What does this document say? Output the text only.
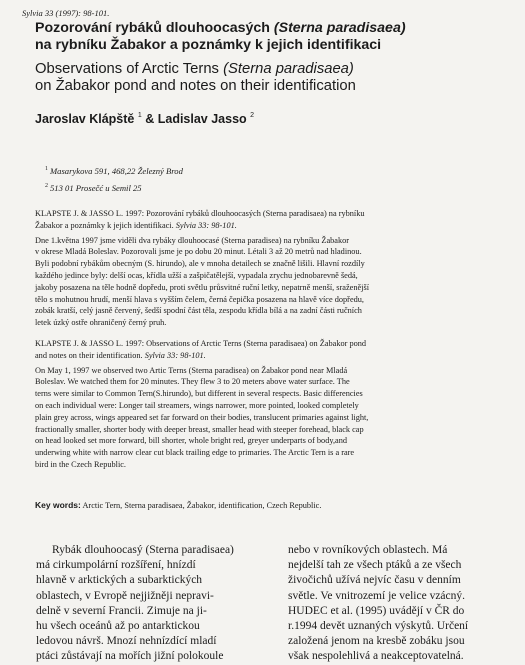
Sylvia 33 (1997): 98-101.
Pozorování rybáků dlouhoocasých (Sterna paradisaea)
na rybníku Žabakor a poznámky k jejich identifikaci
Observations of Arctic Terns (Sterna paradisaea)
on Žabakor pond and notes on their identification
Jaroslav Klápště $^1$ & Ladislav Jasso $^2$
$^1$ Masarykova 591, 468,22 Železný Brod
$^2$ 513 01 Prosečć u Semil 25
KLAPSTE J. & JASSO L. 1997: Pozorování rybáků dlouhoocasých (Sterna paradisaea) na rybníku
Žabakor a poznámky k jejich identifikaci. Sylvia 33: 98-101.
Dne 1.května 1997 jsme viděli dva rybáky dlouhoocasé (Sterna paradisea) na rybníku Žabakor
v okrese Mladá Boleslav. Pozorovali jsme je po dobu 20 minut. Létali 3 až 20 metrů nad hladinou.
Byli podobní rybákům obecným (S. hirundo), ale v mnoha detailech se značně lišili. Hlavní rozdíly
každého jedince byly: delší ocas, křídla užší a zašpičatělejší, vypadala zrychu jednobarevně šedá,
jakoby posazena na těle hodně dopředu, proti světlu průsvitné ruční letky, nepatrně menší, sraženější
tělo s mohutnou hrudí, menší hlava s vyšším čelem, černá čepička posazena na hlavě více dopředu,
zobák kratší, celý jasně červený, šedší spodní část těla, zespodu křídla bílá a na zadní části ručních
letek úzký ostře ohraničený černý pruh.
KLAPSTE J. & JASSO L. 1997: Observations of Arctic Terns (Sterna paradisaea) on Žabakor pond
and notes on their identification. Sylvia 33: 98-101.
On May 1, 1997 we observed two Artic Terns (Sterna paradisea) on Žabakor pond near Mladá
Boleslav. We watched them for 20 minutes. They flew 3 to 20 meters above water surface. The
terns were similar to Common Tern(S.hirundo), but different in several respects. Basic differencies
on each individual were: Longer tail streamers, wings narrower, more pointed, looked completely
plain grey across, wings appeared set far forward on their bodies, translucent primaries against light,
fractionally smaller, shorter body with deeper breast, smaller head with steeper forehead, black cap
on head looked set more forward, bill shorter, whole bright red, greyer underparts of body,and
underwing white with narrow clear cut black trailing edge to primaries. The Arctic Tern is a rare
bird in the Czech Republic.
Key words: Arctic Tern, Sterna paradisaea, Žabakor, identification, Czech Republic.
Rybák dlouhoocasý (Sterna paradisaea)
má cirkumpolární rozšíření, hnízdí
hlavně v arktických a subarktických
oblastech, v Evropě nejjižněji nepravi-
delně v severní Francii. Zimuje na ji-
hu všech oceánů až po antarktickou
ledovou návrš. Mnozí nehnízdící mladí
ptáci zůstávají na mořích jižní polokoule
nebo v rovníkových oblastech. Má
nejdelší tah ze všech ptáků a ze všech
živočichů užívá nejvíc času v denním
světle. Ve vnitrozemí je velice vzácný.
HUDEC et al. (1995) uvádějí v ČR do
r.1994 devět uznaných výskytů. Určení
založená jenom na kresbě zobáku jsou
však nespolehlivá a neakceptovatelná.
